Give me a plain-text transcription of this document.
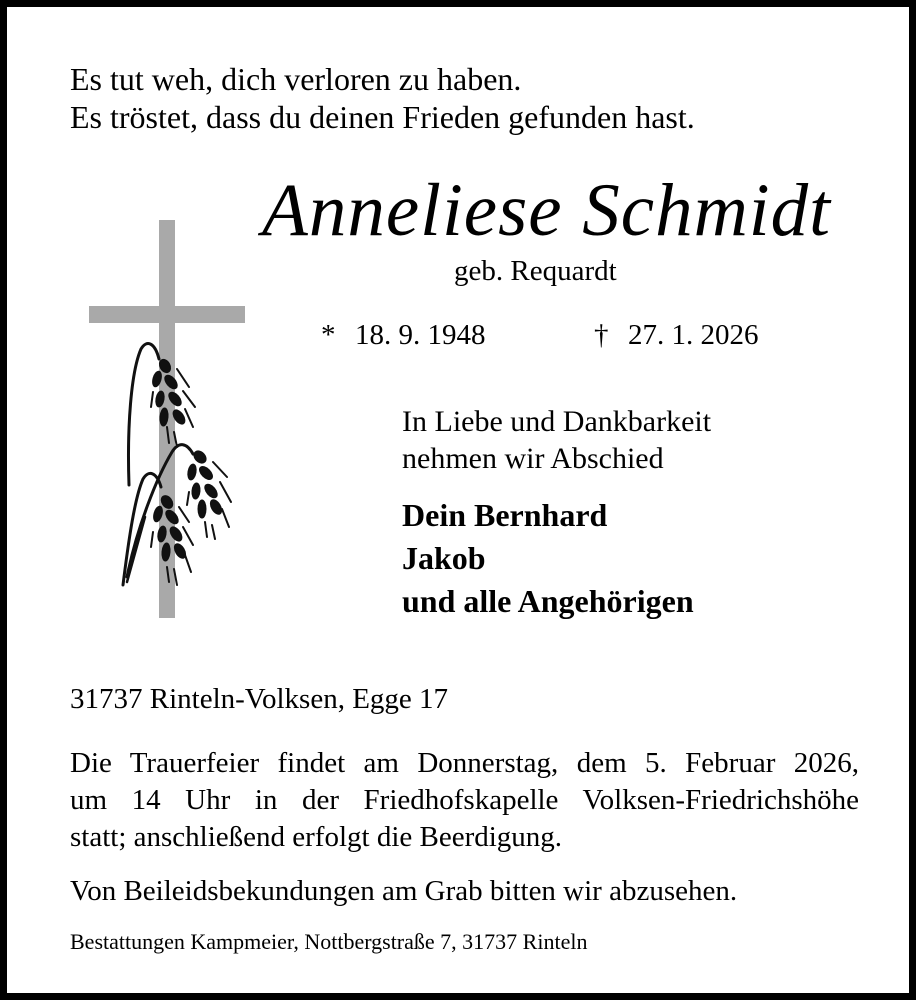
Es tut weh, dich verloren zu haben.
Es tröstet, dass du deinen Frieden gefunden hast.
Anneliese Schmidt
geb. Requardt
* 18. 9. 1948	† 27. 1. 2026
In Liebe und Dankbarkeit
nehmen wir Abschied
Dein Bernhard
Jakob
und alle Angehörigen
31737 Rinteln-Volksen, Egge 17
Die Trauerfeier findet am Donnerstag, dem 5. Februar 2026,
um 14 Uhr in der Friedhofskapelle Volksen-Friedrichshöhe
statt; anschließend erfolgt die Beerdigung.
Von Beileidsbekundungen am Grab bitten wir abzusehen.
Bestattungen Kampmeier, Nottbergstraße 7, 31737 Rinteln
